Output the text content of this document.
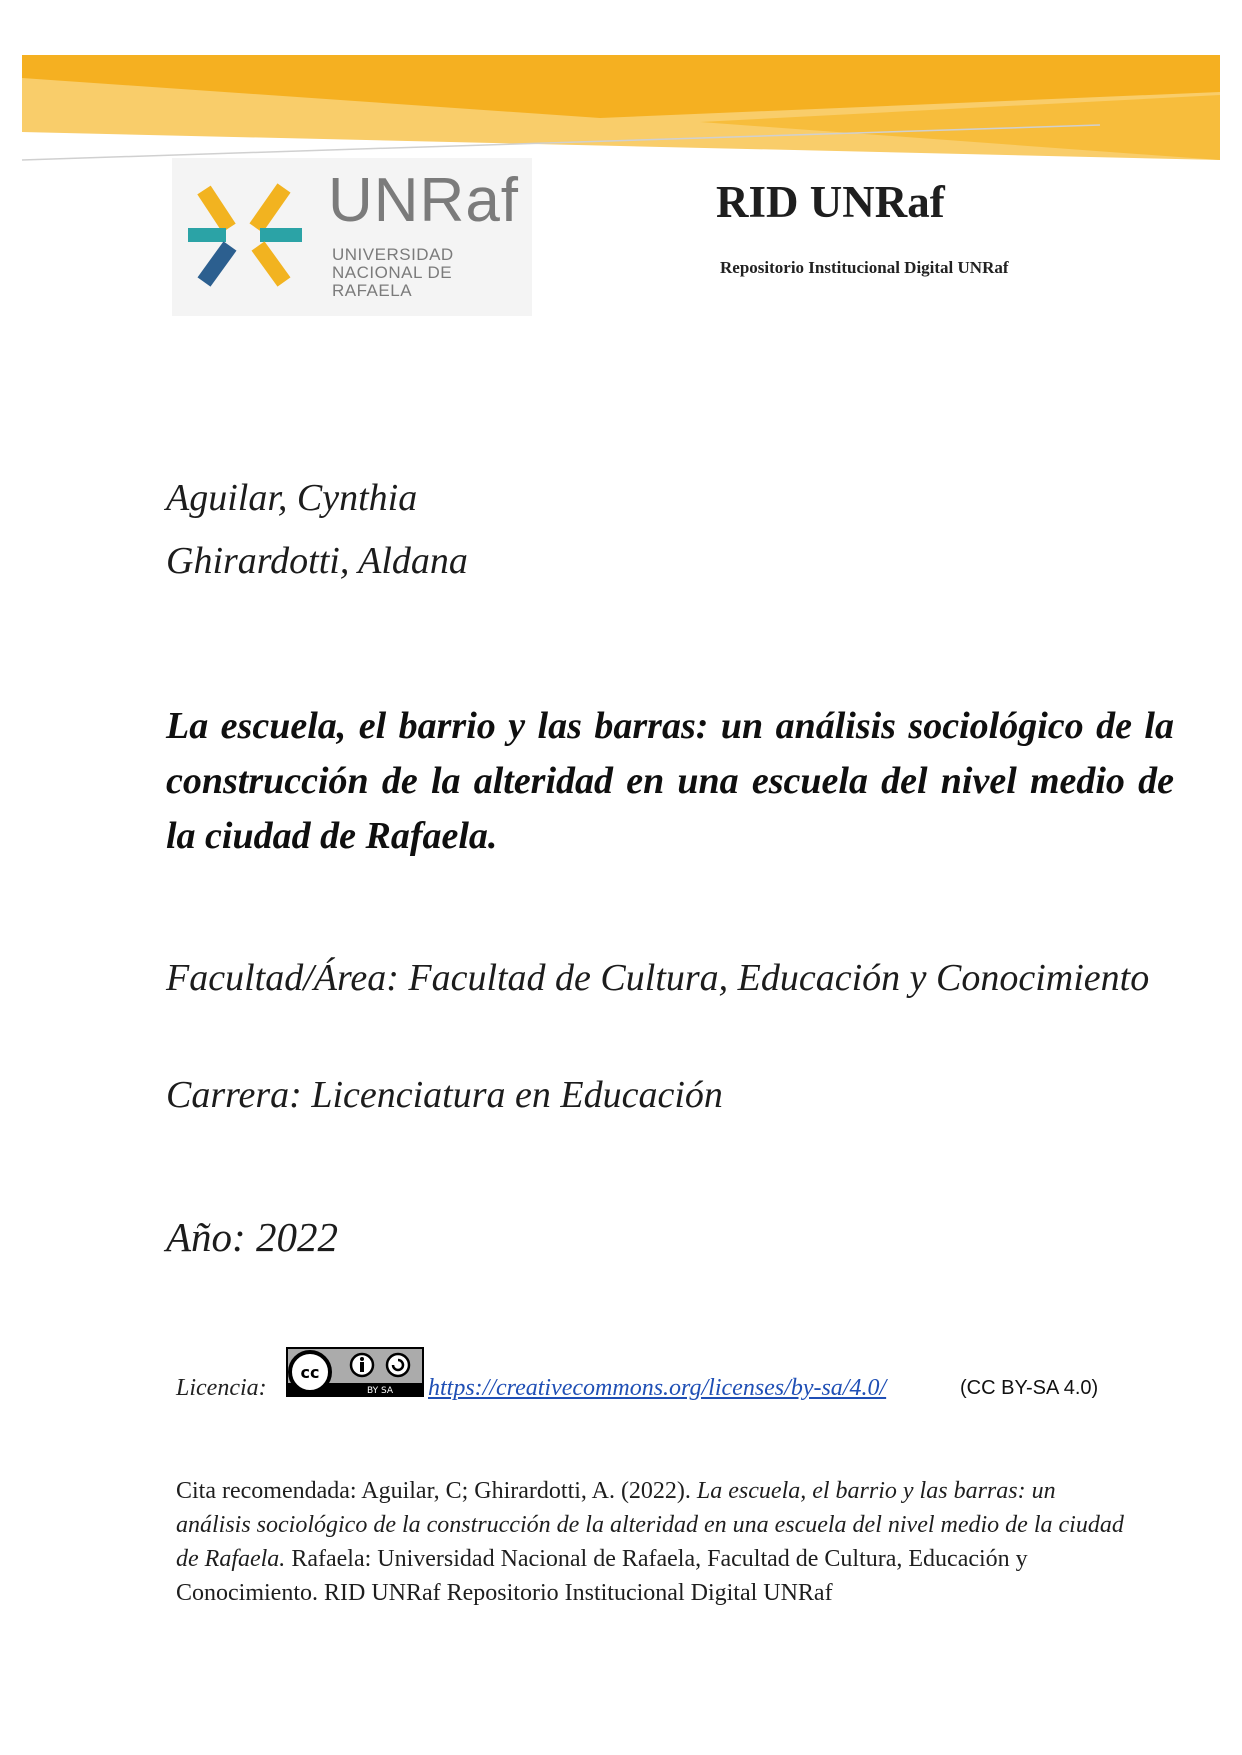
UNRaf
UNIVERSIDAD
NACIONAL DE
RAFAELA
RID UNRaf
Repositorio Institucional Digital UNRaf
Aguilar, Cynthia
Ghirardotti, Aldana
La escuela, el barrio y las barras: un análisis sociológico de la construcción de la alteridad en una escuela del nivel medio de la ciudad de Rafaela.
Facultad/Área: Facultad de Cultura, Educación y Conocimiento
Carrera: Licenciatura en Educación
Año: 2022
Licencia:
cc
BY SA https://creativecommons.org/licenses/by-sa/4.0/	(CC BY-SA 4.0)
Cita recomendada: Aguilar, C; Ghirardotti, A. (2022). La escuela, el barrio y las barras: un análisis sociológico de la construcción de la alteridad en una escuela del nivel medio de la ciudad de Rafaela. Rafaela: Universidad Nacional de Rafaela, Facultad de Cultura, Educación y Conocimiento. RID UNRaf Repositorio Institucional Digital UNRaf
